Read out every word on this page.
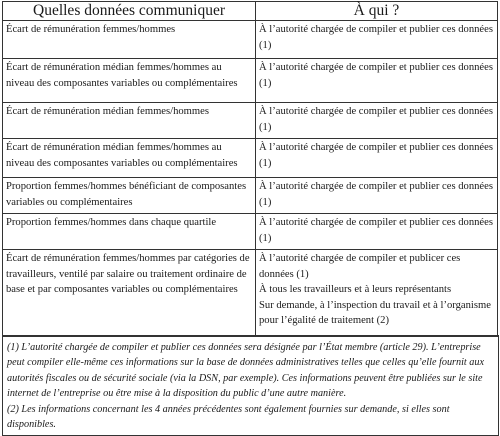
Quelles données communiquer	À qui ?
Écart de rémunération femmes/hommes	À l’autorité chargée de compiler et publier ces données (1)
Écart de rémunération médian femmes/hommes au niveau des composantes variables ou complémentaires	À l’autorité chargée de compiler et publier ces données (1)
Écart de rémunération médian femmes/hommes	À l’autorité chargée de compiler et publier ces données (1)
Écart de rémunération médian femmes/hommes au niveau des composantes variables ou complémentaires	À l’autorité chargée de compiler et publier ces données (1)
Proportion femmes/hommes bénéficiant de composantes variables ou complémentaires	À l’autorité chargée de compiler et publier ces données (1)
Proportion femmes/hommes dans chaque quartile	À l’autorité chargée de compiler et publier ces données (1)
Écart de rémunération femmes/hommes par catégories de travailleurs, ventilé par salaire ou traitement ordinaire de base et par composantes variables ou complémentaires	À l’autorité chargée de compiler et publicer ces données (1)
À tous les travailleurs et à leurs représentants
Sur demande, à l’inspection du travail et à l’organisme pour l’égalité de traitement (2)

(1) L’autorité chargée de compiler et publier ces données sera désignée par l’État membre (article 29). L’entreprise peut compiler elle-même ces informations sur la base de données administratives telles que celles qu’elle fournit aux autorités fiscales ou de sécurité sociale (via la DSN, par exemple). Ces informations peuvent être publiées sur le site internet de l’entreprise ou être mise à la disposition du public d’une autre manière.

(2) Les informations concernant les 4 années précédentes sont également fournies sur demande, si elles sont disponibles.
